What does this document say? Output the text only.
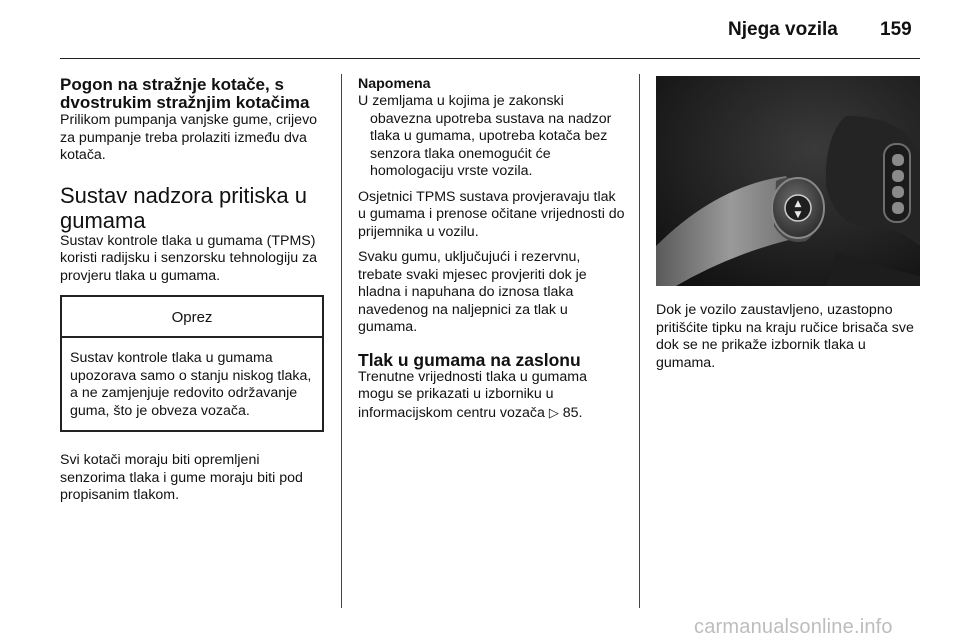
Njega vozila 159
Pogon na stražnje kotače, s dvostrukim stražnjim kotačima

Prilikom pumpanja vanjske gume, crijevo za pumpanje treba prolaziti između dva kotača.

Sustav nadzora pritiska u gumama

Sustav kontrole tlaka u gumama (TPMS) koristi radijsku i senzorsku tehnologiju za provjeru tlaka u gumama.

Oprez

Sustav kontrole tlaka u gumama upozorava samo o stanju niskog tlaka, a ne zamjenjuje redovito održavanje guma, što je obveza vozača.

Svi kotači moraju biti opremljeni senzorima tlaka i gume moraju biti pod propisanim tlakom.

Napomena

U zemljama u kojima je zakonski obavezna upotreba sustava na nadzor tlaka u gumama, upotreba kotača bez senzora tlaka onemogućit će homologaciju vrste vozila.

Osjetnici TPMS sustava provjeravaju tlak u gumama i prenose očitane vrijednosti do prijemnika u vozilu.

Svaku gumu, uključujući i rezervnu, trebate svaki mjesec provjeriti dok je hladna i napuhana do iznosa tlaka navedenog na naljepnici za tlak u gumama.

Tlak u gumama na zaslonu

Trenutne vrijednosti tlaka u gumama mogu se prikazati u izborniku u informacijskom centru vozača ▷ 85.

▲
▼

Dok je vozilo zaustavljeno, uzastopno pritišćite tipku na kraju ručice brisača sve dok se ne prikaže izbornik tlaka u gumama.

carmanualsonline.info
